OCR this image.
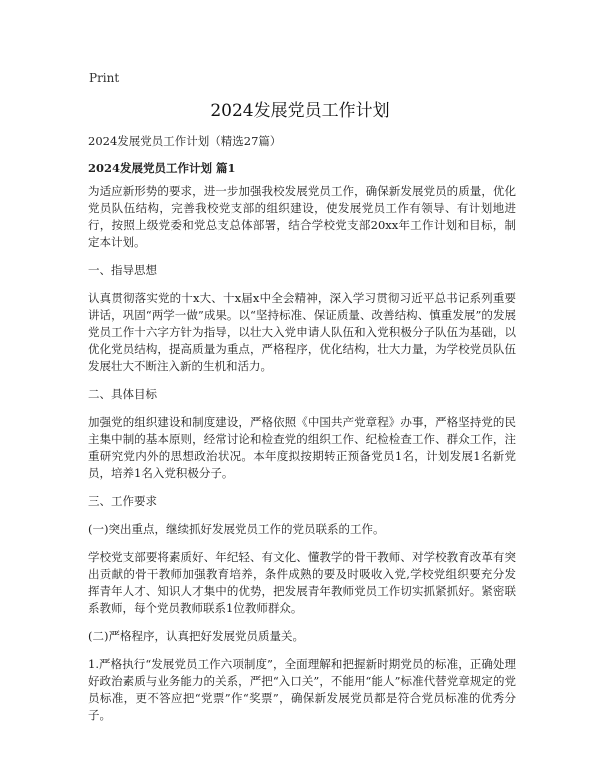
Print
2024发展党员工作计划

2024发展党员工作计划（精选27篇）

2024发展党员工作计划 篇1

为适应新形势的要求，进一步加强我校发展党员工作，确保新发展党员的质量，优化党员队伍结构，完善我校党支部的组织建设，使发展党员工作有领导、有计划地进行，按照上级党委和党总支总体部署，结合学校党支部20xx年工作计划和目标，制定本计划。

一、指导思想

认真贯彻落实党的十x大、十x届x中全会精神，深入学习贯彻习近平总书记系列重要讲话，巩固“两学一做”成果。以“坚持标准、保证质量、改善结构、慎重发展”的发展党员工作十六字方针为指导，以壮大入党申请人队伍和入党积极分子队伍为基础，以优化党员结构，提高质量为重点，严格程序，优化结构，壮大力量，为学校党员队伍发展壮大不断注入新的生机和活力。

二、具体目标

加强党的组织建设和制度建设，严格依照《中国共产党章程》办事，严格坚持党的民主集中制的基本原则，经常讨论和检查党的组织工作、纪检检查工作、群众工作，注重研究党内外的思想政治状况。本年度拟按期转正预备党员1名，计划发展1名新党员，培养1名入党积极分子。

三、工作要求

(一)突出重点，继续抓好发展党员工作的党员联系的工作。

学校党支部要将素质好、年纪轻、有文化、懂教学的骨干教师、对学校教育改革有突出贡献的骨干教师加强教育培养，条件成熟的要及时吸收入党,学校党组织要充分发挥青年人才、知识人才集中的优势，把发展青年教师党员工作切实抓紧抓好。紧密联系教师，每个党员教师联系1位教师群众。

(二)严格程序，认真把好发展党员质量关。

1.严格执行“发展党员工作六项制度”，全面理解和把握新时期党员的标准，正确处理好政治素质与业务能力的关系，严把“入口关”，不能用“能人”标准代替党章规定的党员标准，更不答应把“党票”作“奖票”，确保新发展党员都是符合党员标准的优秀分子。
